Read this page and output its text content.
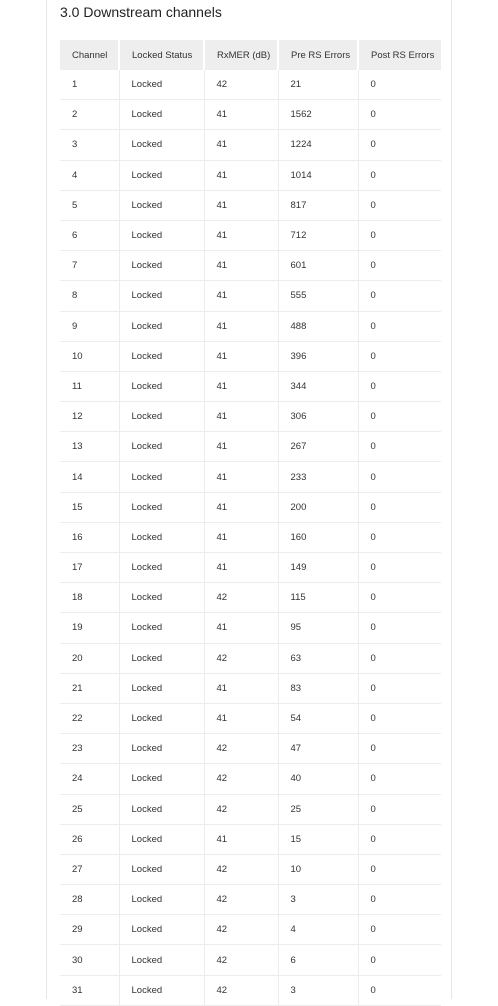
3.0 Downstream channels
Channel	Locked Status	RxMER (dB)	Pre RS Errors	Post RS Errors
1	Locked	42	21	0
2	Locked	41	1562	0
3	Locked	41	1224	0
4	Locked	41	1014	0
5	Locked	41	817	0
6	Locked	41	712	0
7	Locked	41	601	0
8	Locked	41	555	0
9	Locked	41	488	0
10	Locked	41	396	0
11	Locked	41	344	0
12	Locked	41	306	0
13	Locked	41	267	0
14	Locked	41	233	0
15	Locked	41	200	0
16	Locked	41	160	0
17	Locked	41	149	0
18	Locked	42	115	0
19	Locked	41	95	0
20	Locked	42	63	0
21	Locked	41	83	0
22	Locked	41	54	0
23	Locked	42	47	0
24	Locked	42	40	0
25	Locked	42	25	0
26	Locked	41	15	0
27	Locked	42	10	0
28	Locked	42	3	0
29	Locked	42	4	0
30	Locked	42	6	0
31	Locked	42	3	0
